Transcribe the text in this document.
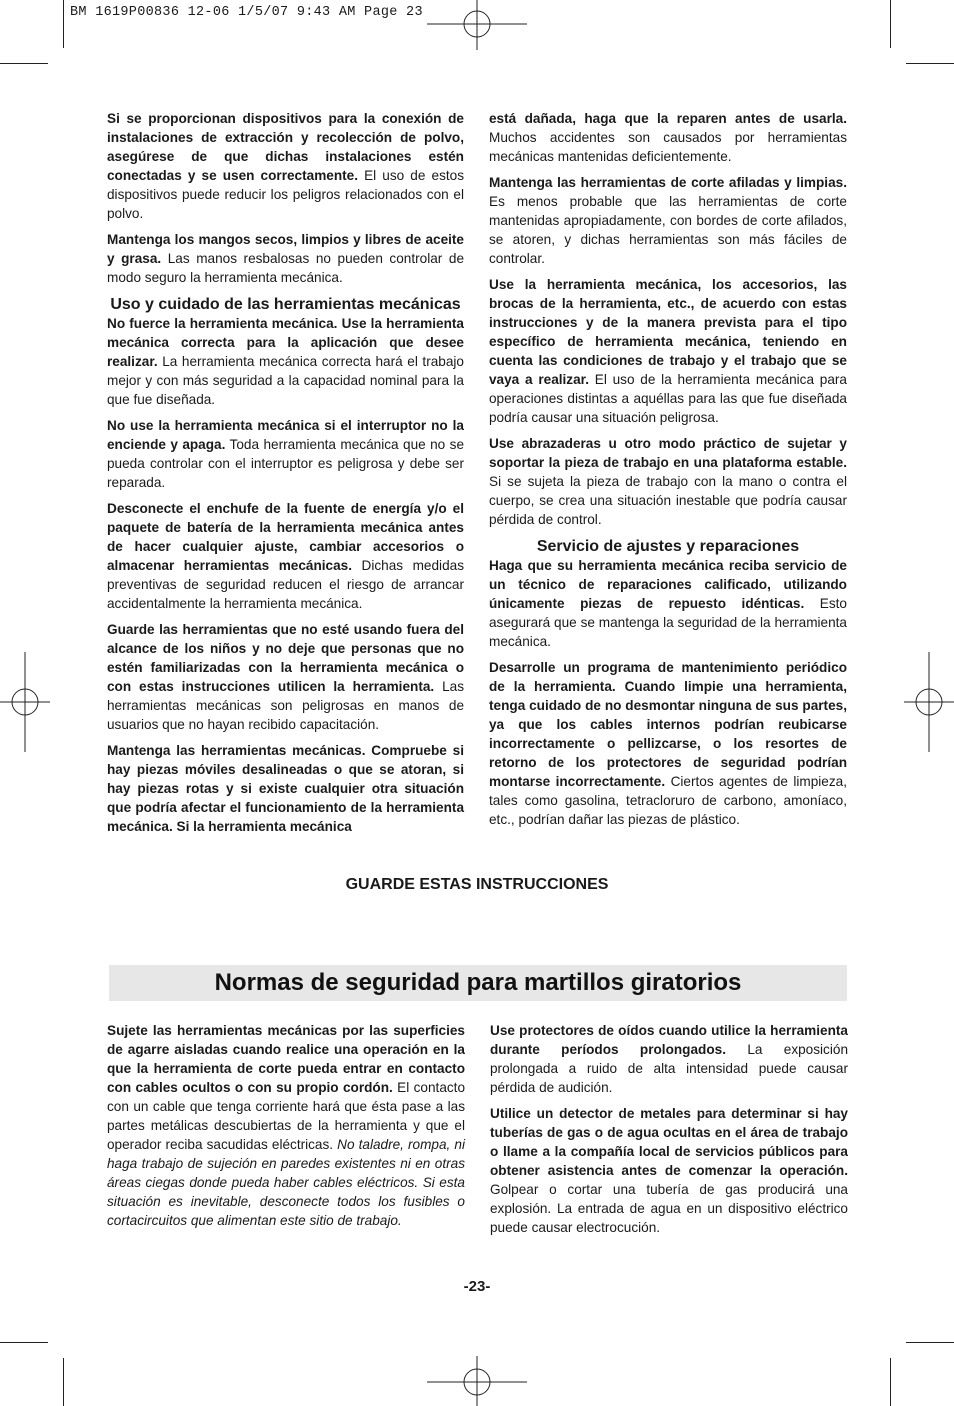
BM 1619P00836 12-06 1/5/07 9:43 AM Page 23

Si se proporcionan dispositivos para la conexión de instalaciones de extracción y recolección de polvo, asegúrese de que dichas instalaciones estén conectadas y se usen correctamente. El uso de estos dispositivos puede reducir los peligros relacionados con el polvo.

Mantenga los mangos secos, limpios y libres de aceite y grasa. Las manos resbalosas no pueden controlar de modo seguro la herramienta mecánica.

Uso y cuidado de las herramientas mecánicas

No fuerce la herramienta mecánica. Use la herramienta mecánica correcta para la aplicación que desee realizar. La herramienta mecánica correcta hará el trabajo mejor y con más seguridad a la capacidad nominal para la que fue diseñada.

No use la herramienta mecánica si el interruptor no la enciende y apaga. Toda herramienta mecánica que no se pueda controlar con el interruptor es peligrosa y debe ser reparada.

Desconecte el enchufe de la fuente de energía y/o el paquete de batería de la herramienta mecánica antes de hacer cualquier ajuste, cambiar accesorios o almacenar herramientas mecánicas. Dichas medidas preventivas de seguridad reducen el riesgo de arrancar accidentalmente la herramienta mecánica.

Guarde las herramientas que no esté usando fuera del alcance de los niños y no deje que personas que no estén familiarizadas con la herramienta mecánica o con estas instrucciones utilicen la herramienta. Las herramientas mecánicas son peligrosas en manos de usuarios que no hayan recibido capacitación.

Mantenga las herramientas mecánicas. Compruebe si hay piezas móviles desalineadas o que se atoran, si hay piezas rotas y si existe cualquier otra situación que podría afectar el funcionamiento de la herramienta mecánica. Si la herramienta mecánica

está dañada, haga que la reparen antes de usarla. Muchos accidentes son causados por herramientas mecánicas mantenidas deficientemente.

Mantenga las herramientas de corte afiladas y limpias. Es menos probable que las herramientas de corte mantenidas apropiadamente, con bordes de corte afilados, se atoren, y dichas herramientas son más fáciles de controlar.

Use la herramienta mecánica, los accesorios, las brocas de la herramienta, etc., de acuerdo con estas instrucciones y de la manera prevista para el tipo específico de herramienta mecánica, teniendo en cuenta las condiciones de trabajo y el trabajo que se vaya a realizar. El uso de la herramienta mecánica para operaciones distintas a aquéllas para las que fue diseñada podría causar una situación peligrosa.

Use abrazaderas u otro modo práctico de sujetar y soportar la pieza de trabajo en una plataforma estable. Si se sujeta la pieza de trabajo con la mano o contra el cuerpo, se crea una situación inestable que podría causar pérdida de control.

Servicio de ajustes y reparaciones

Haga que su herramienta mecánica reciba servicio de un técnico de reparaciones calificado, utilizando únicamente piezas de repuesto idénticas. Esto asegurará que se mantenga la seguridad de la herramienta mecánica.

Desarrolle un programa de mantenimiento periódico de la herramienta. Cuando limpie una herramienta, tenga cuidado de no desmontar ninguna de sus partes, ya que los cables internos podrían reubicarse incorrectamente o pellizcarse, o los resortes de retorno de los protectores de seguridad podrían montarse incorrectamente. Ciertos agentes de limpieza, tales como gasolina, tetracloruro de carbono, amoníaco, etc., podrían dañar las piezas de plástico.

GUARDE ESTAS INSTRUCCIONES
Normas de seguridad para martillos giratorios

Sujete las herramientas mecánicas por las superficies de agarre aisladas cuando realice una operación en la que la herramienta de corte pueda entrar en contacto con cables ocultos o con su propio cordón. El contacto con un cable que tenga corriente hará que ésta pase a las partes metálicas descubiertas de la herramienta y que el operador reciba sacudidas eléctricas. No taladre, rompa, ni haga trabajo de sujeción en paredes existentes ni en otras áreas ciegas donde pueda haber cables eléctricos. Si esta situación es inevitable, desconecte todos los fusibles o cortacircuitos que alimentan este sitio de trabajo.

Use protectores de oídos cuando utilice la herramienta durante períodos prolongados. La exposición prolongada a ruido de alta intensidad puede causar pérdida de audición.

Utilice un detector de metales para determinar si hay tuberías de gas o de agua ocultas en el área de trabajo o llame a la compañía local de servicios públicos para obtener asistencia antes de comenzar la operación. Golpear o cortar una tubería de gas producirá una explosión. La entrada de agua en un dispositivo eléctrico puede causar electrocución.

-23-
